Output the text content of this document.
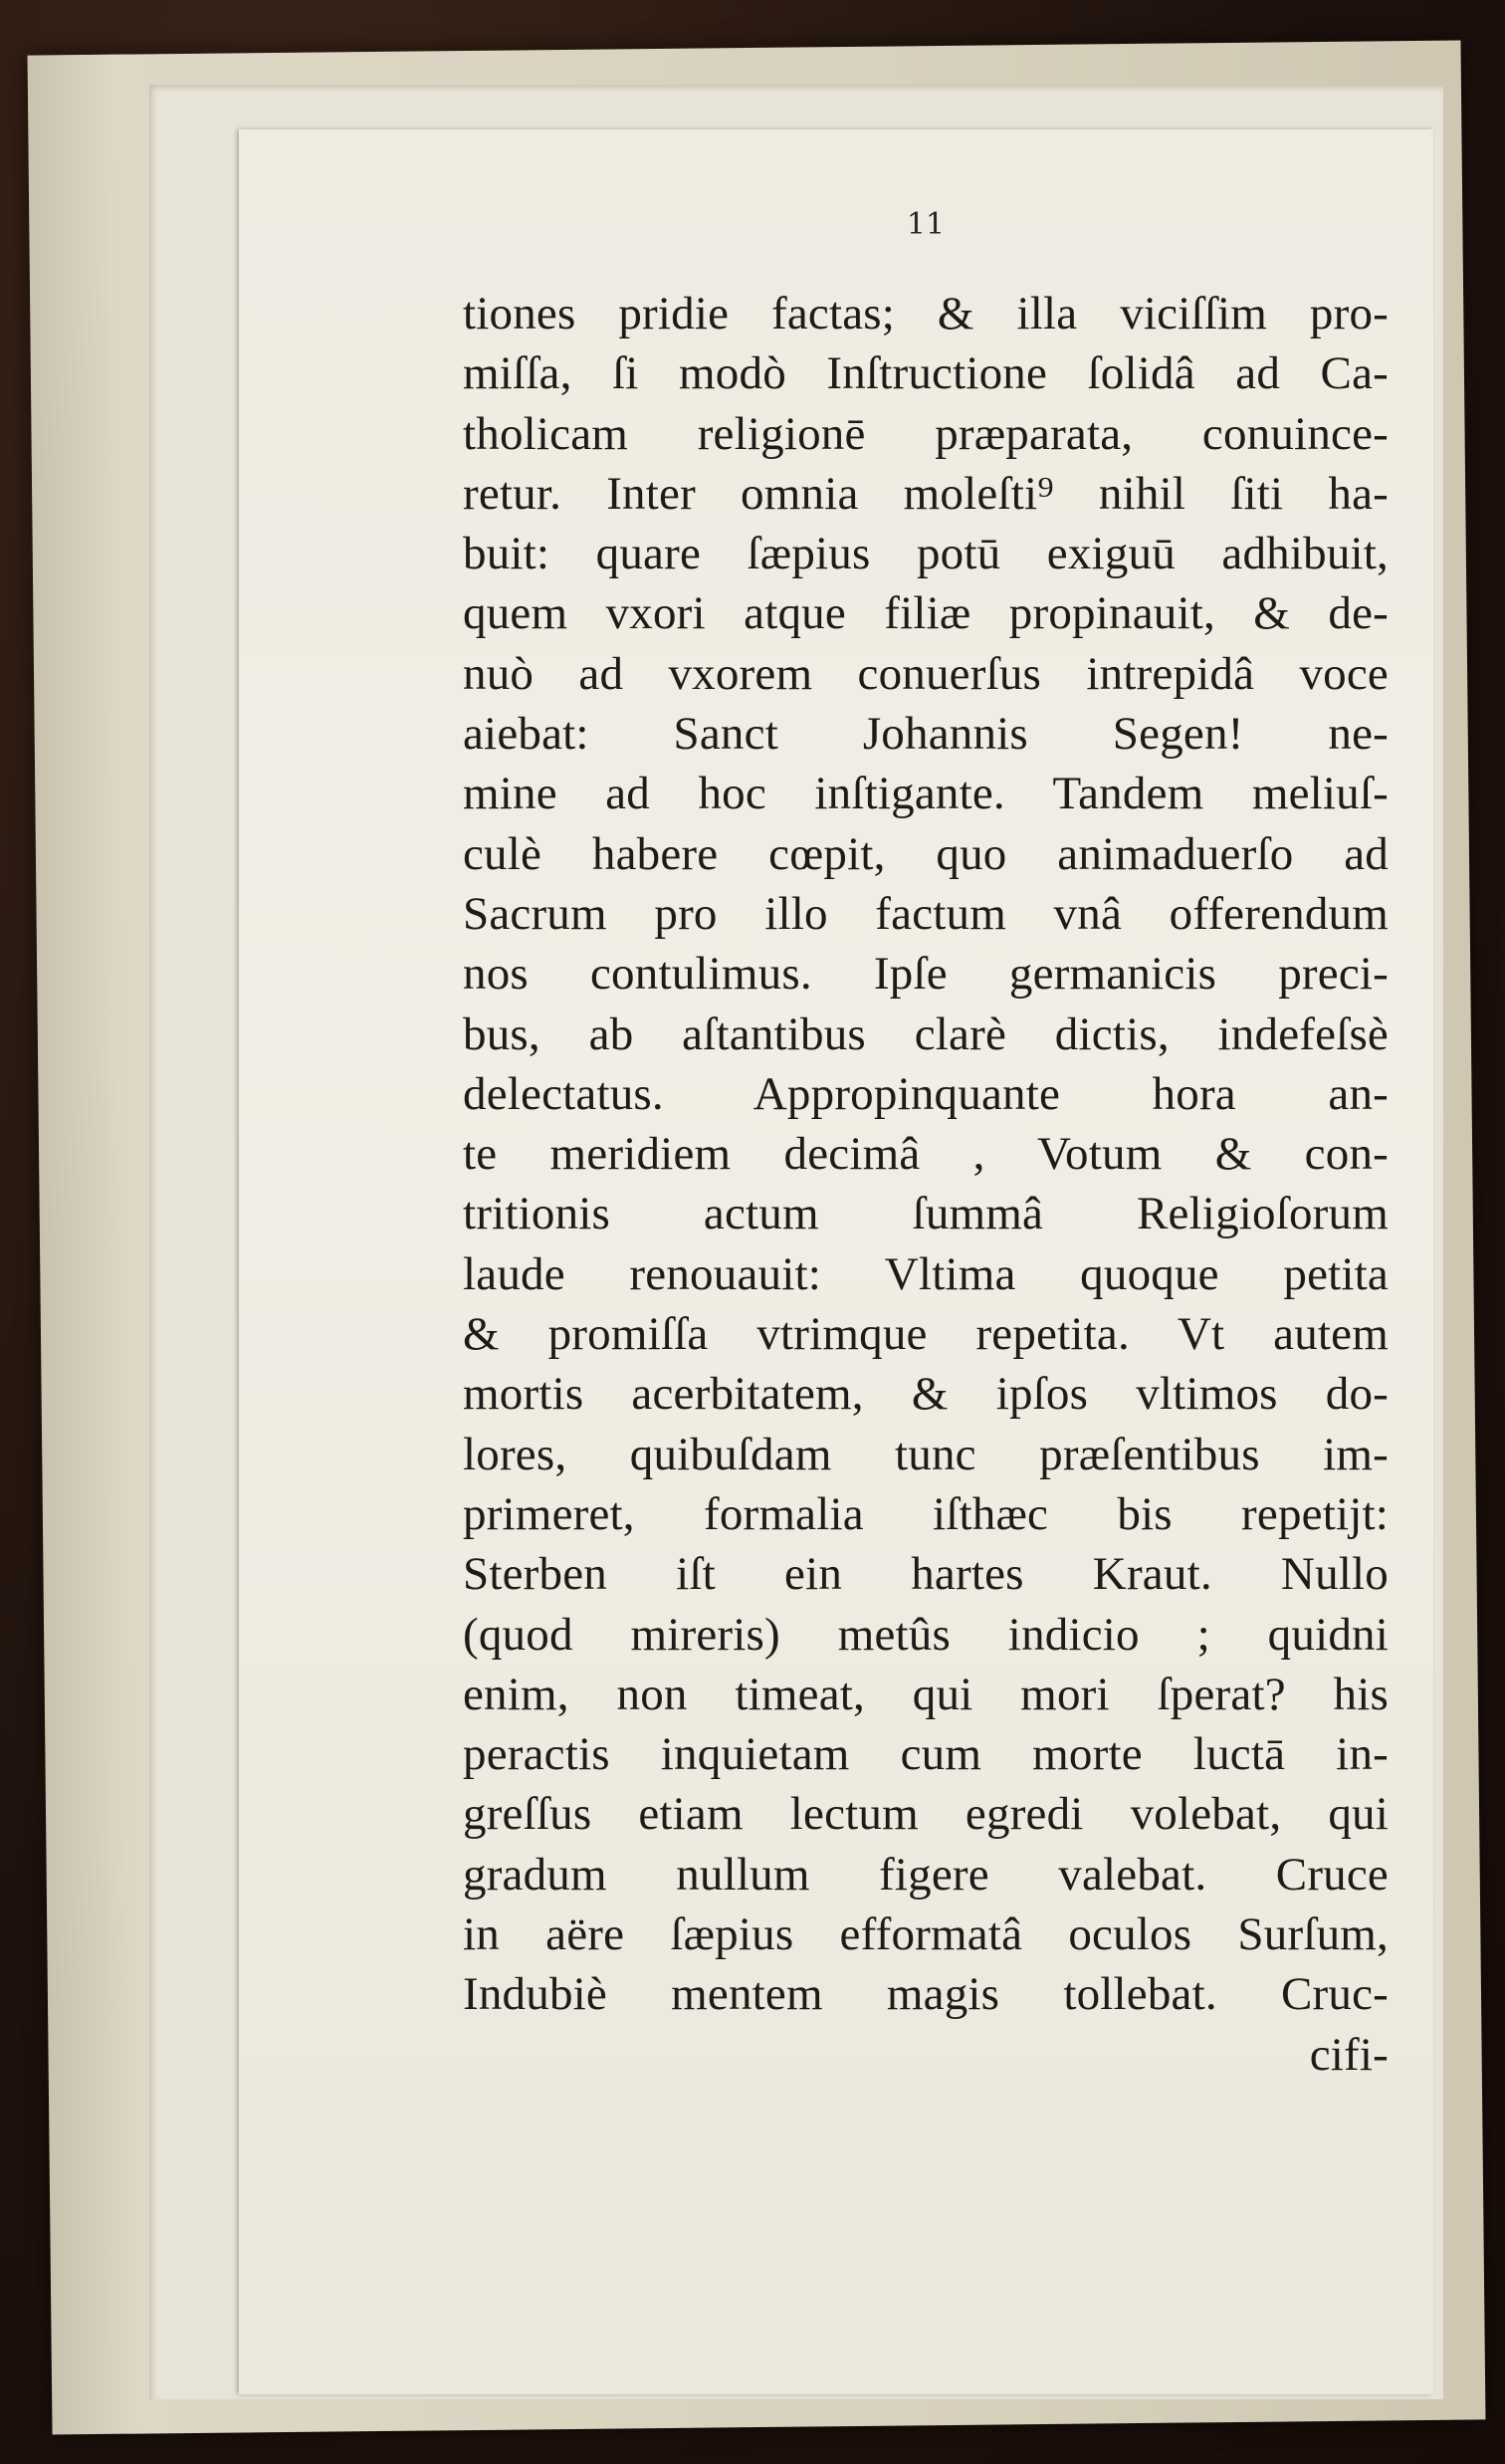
11
tiones pridie factas; & illa viciſſim pro-
miſſa, ſi modò Inſtructione ſolidâ ad Ca-
tholicam religionē præparata, conuince-
retur. Inter omnia moleſti⁹ nihil ſiti ha-
buit: quare ſæpius potū exiguū adhibuit,
quem vxori atque filiæ propinauit, & de-
nuò ad vxorem conuerſus intrepidâ voce
aiebat: Sanct Johannis Segen! ne-
mine ad hoc inſtigante. Tandem meliuſ-
culè habere cœpit, quo animaduerſo ad
Sacrum pro illo factum vnâ offerendum
nos contulimus. Ipſe germanicis preci-
bus, ab aſtantibus clarè dictis, indefeſsè
delectatus. Appropinquante hora an-
te meridiem decimâ , Votum & con-
tritionis actum ſummâ Religioſorum
laude renouauit: Vltima quoque petita
& promiſſa vtrimque repetita. Vt autem
mortis acerbitatem, & ipſos vltimos do-
lores, quibuſdam tunc præſentibus im-
primeret, formalia iſthæc bis repetijt:
Sterben iſt ein hartes Kraut. Nullo
(quod mireris) metûs indicio ; quidni
enim, non timeat, qui mori ſperat? his
peractis inquietam cum morte luctā in-
greſſus etiam lectum egredi volebat, qui
gradum nullum figere valebat. Cruce
in aëre ſæpius efformatâ oculos Surſum,
Indubiè mentem magis tollebat. Cruc-
cifi-
